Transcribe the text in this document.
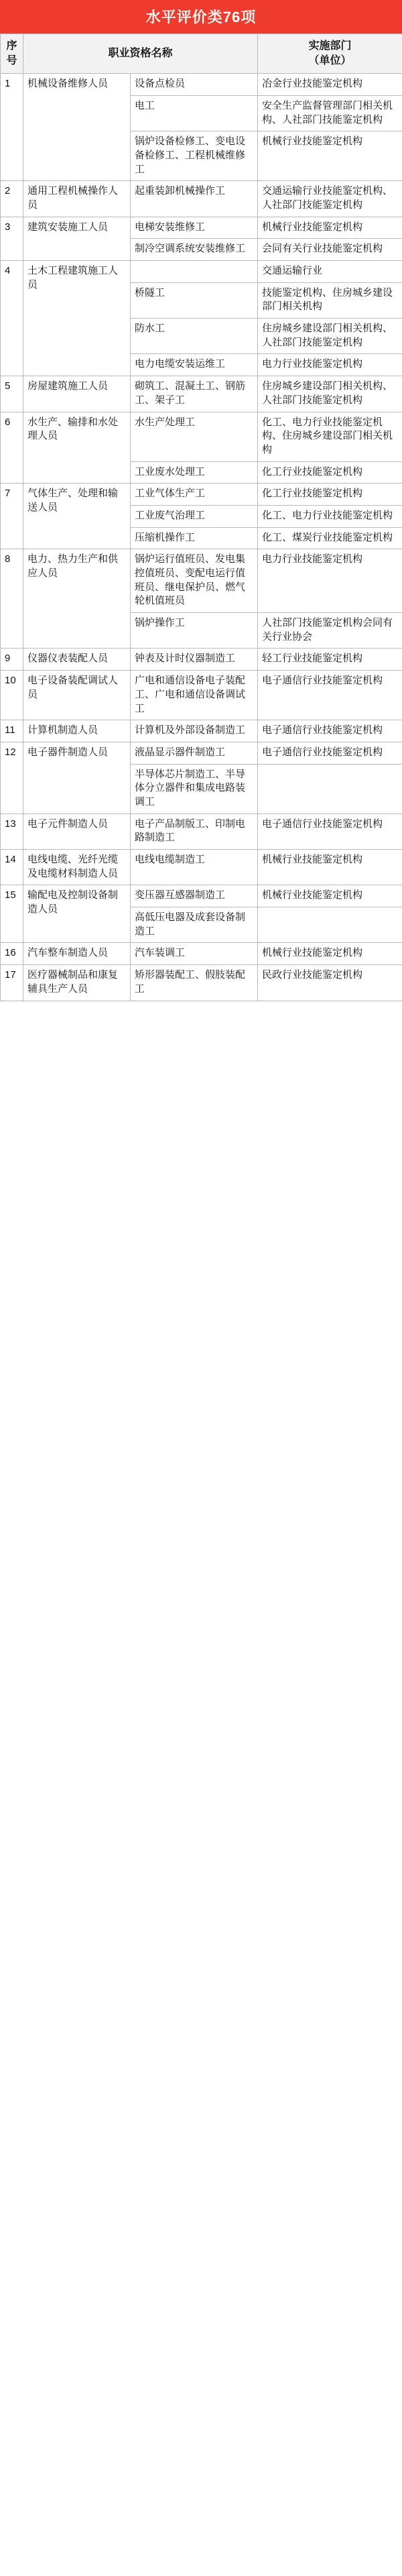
水平评价类76项
序号	职业资格名称		实施部门
（单位）

1	机械设备维修人员	设备点检员	冶金行业技能鉴定机构
		电工	安全生产监督管理部门相关机构、人社部门技能鉴定机构
		锅炉设备检修工、变电设备检修工、工程机械维修工	机械行业技能鉴定机构
2	通用工程机械操作人员	起重装卸机械操作工	交通运输行业技能鉴定机构、人社部门技能鉴定机构
3	建筑安装施工人员	电梯安装维修工	机械行业技能鉴定机构
		制冷空调系统安装维修工	会同有关行业技能鉴定机构
4	土木工程建筑施工人员		交通运输行业
		桥隧工	技能鉴定机构、住房城乡建设部门相关机构
		防水工	住房城乡建设部门相关机构、人社部门技能鉴定机构
		电力电缆安装运维工	电力行业技能鉴定机构
5	房屋建筑施工人员	砌筑工、混凝土工、钢筋工、架子工	住房城乡建设部门相关机构、人社部门技能鉴定机构
6	水生产、输排和水处理人员	水生产处理工	化工、电力行业技能鉴定机构、住房城乡建设部门相关机构
		工业废水处理工	化工行业技能鉴定机构
7	气体生产、处理和输送人员	工业气体生产工	化工行业技能鉴定机构
		工业废气治理工	化工、电力行业技能鉴定机构
		压缩机操作工	化工、煤炭行业技能鉴定机构
8	电力、热力生产和供应人员	锅炉运行值班员、发电集控值班员、变配电运行值班员、继电保护员、燃气轮机值班员	电力行业技能鉴定机构
		锅炉操作工	人社部门技能鉴定机构会同有关行业协会
9	仪器仪表装配人员	钟表及计时仪器制造工	轻工行业技能鉴定机构
10	电子设备装配调试人员	广电和通信设备电子装配工、广电和通信设备调试工	电子通信行业技能鉴定机构
11	计算机制造人员	计算机及外部设备制造工	电子通信行业技能鉴定机构
12	电子器件制造人员	液晶显示器件制造工	电子通信行业技能鉴定机构
		半导体芯片制造工、半导体分立器件和集成电路装调工	
13	电子元件制造人员	电子产品制版工、印制电路制造工	电子通信行业技能鉴定机构
14	电线电缆、光纤光缆及电缆材料制造人员	电线电缆制造工	机械行业技能鉴定机构
15	输配电及控制设备制造人员	变压器互感器制造工	机械行业技能鉴定机构
		高低压电器及成套设备制造工	
16	汽车整车制造人员	汽车装调工	机械行业技能鉴定机构
17	医疗器械制品和康复辅具生产人员	矫形器装配工、假肢装配工	民政行业技能鉴定机构
